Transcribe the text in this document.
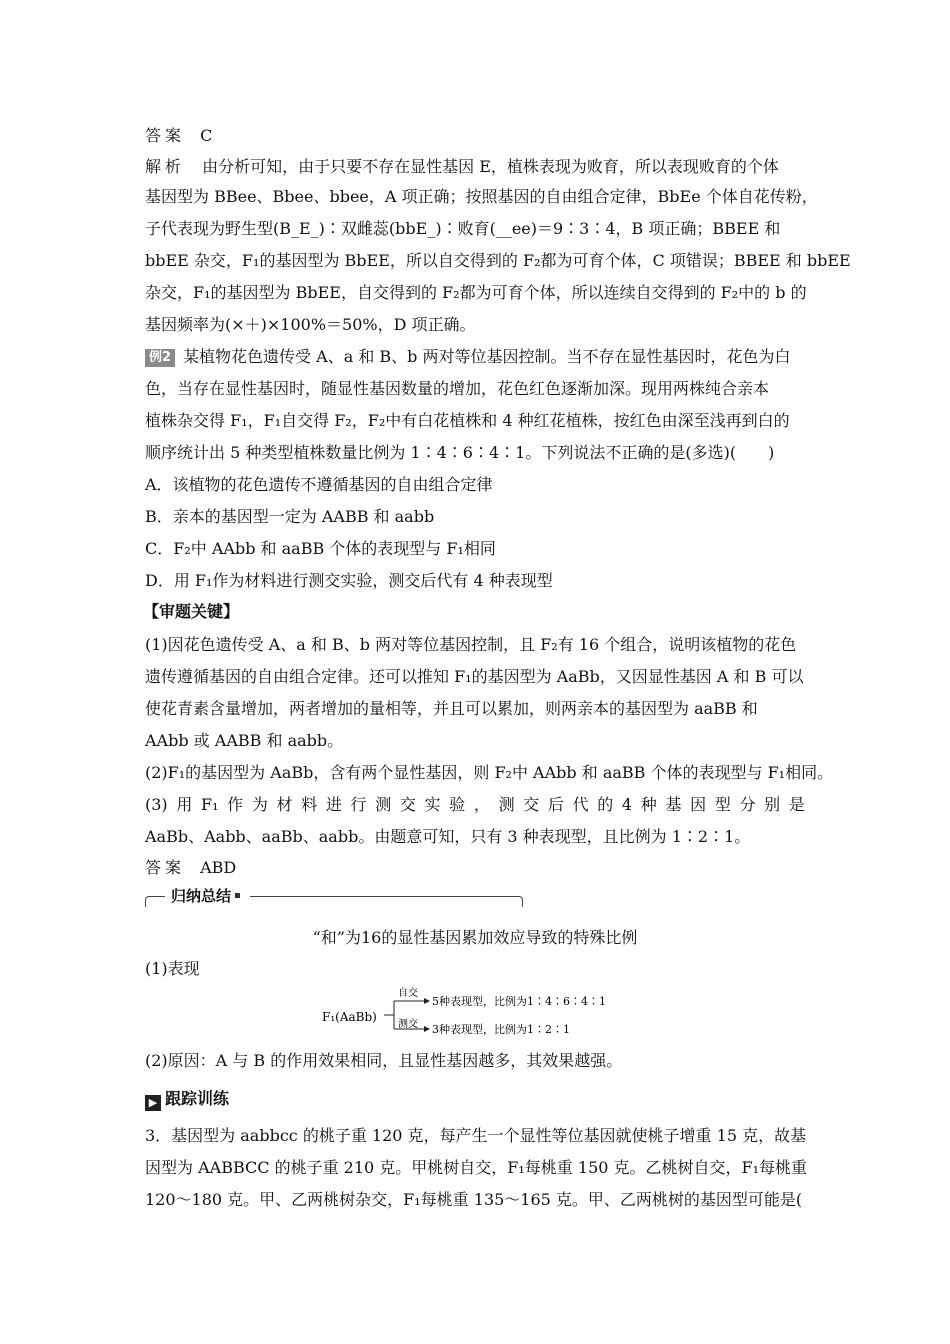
答案 C
解析 由分析可知，由于只要不存在显性基因 E，植株表现为败育，所以表现败育的个体
基因型为 BBee、Bbee、bbee，A 项正确；按照基因的自由组合定律，BbEe 个体自花传粉，
子代表现为野生型(B_E_)∶双雌蕊(bbE_)∶败育(__ee)＝9∶3∶4，B 项正确；BBEE 和
bbEE 杂交，F₁的基因型为 BbEE，所以自交得到的 F₂都为可育个体，C 项错误；BBEE 和 bbEE
杂交，F₁的基因型为 BbEE，自交得到的 F₂都为可育个体，所以连续自交得到的 F₂中的 b 的
基因频率为(×＋)×100%＝50%，D 项正确。
例2 某植物花色遗传受 A、a 和 B、b 两对等位基因控制。当不存在显性基因时，花色为白
色，当存在显性基因时，随显性基因数量的增加，花色红色逐渐加深。现用两株纯合亲本
植株杂交得 F₁，F₁自交得 F₂，F₂中有白花植株和 4 种红花植株，按红色由深至浅再到白的
顺序统计出 5 种类型植株数量比例为 1∶4∶6∶4∶1。下列说法不正确的是(多选)(　　)
A．该植物的花色遗传不遵循基因的自由组合定律
B．亲本的基因型一定为 AABB 和 aabb
C．F₂中 AAbb 和 aaBB 个体的表现型与 F₁相同
D．用 F₁作为材料进行测交实验，测交后代有 4 种表现型
【审题关键】
(1)因花色遗传受 A、a 和 B、b 两对等位基因控制，且 F₂有 16 个组合，说明该植物的花色
遗传遵循基因的自由组合定律。还可以推知 F₁的基因型为 AaBb，又因显性基因 A 和 B 可以
使花青素含量增加，两者增加的量相等，并且可以累加，则两亲本的基因型为 aaBB 和
AAbb 或 AABB 和 aabb。
(2)F₁的基因型为 AaBb，含有两个显性基因，则 F₂中 AAbb 和 aaBB 个体的表现型与 F₁相同。
(3) 用 F₁ 作 为 材 料 进 行 测 交 实 验 ， 测 交 后 代 的 4 种 基 因 型 分 别 是
AaBb、Aabb、aaBb、aabb。由题意可知，只有 3 种表现型，且比例为 1∶2∶1。
答案 ABD
归纳总结
“和”为16的显性基因累加效应导致的特殊比例
(1)表现
F₁(AaBb)
自交
测交
5种表现型，比例为1∶4∶6∶4∶1
3种表现型，比例为1∶2∶1
(2)原因：A 与 B 的作用效果相同，且显性基因越多，其效果越强。
▶ 跟踪训练
3．基因型为 aabbcc 的桃子重 120 克，每产生一个显性等位基因就使桃子增重 15 克，故基
因型为 AABBCC 的桃子重 210 克。甲桃树自交，F₁每桃重 150 克。乙桃树自交，F₁每桃重
120～180 克。甲、乙两桃树杂交，F₁每桃重 135～165 克。甲、乙两桃树的基因型可能是(
